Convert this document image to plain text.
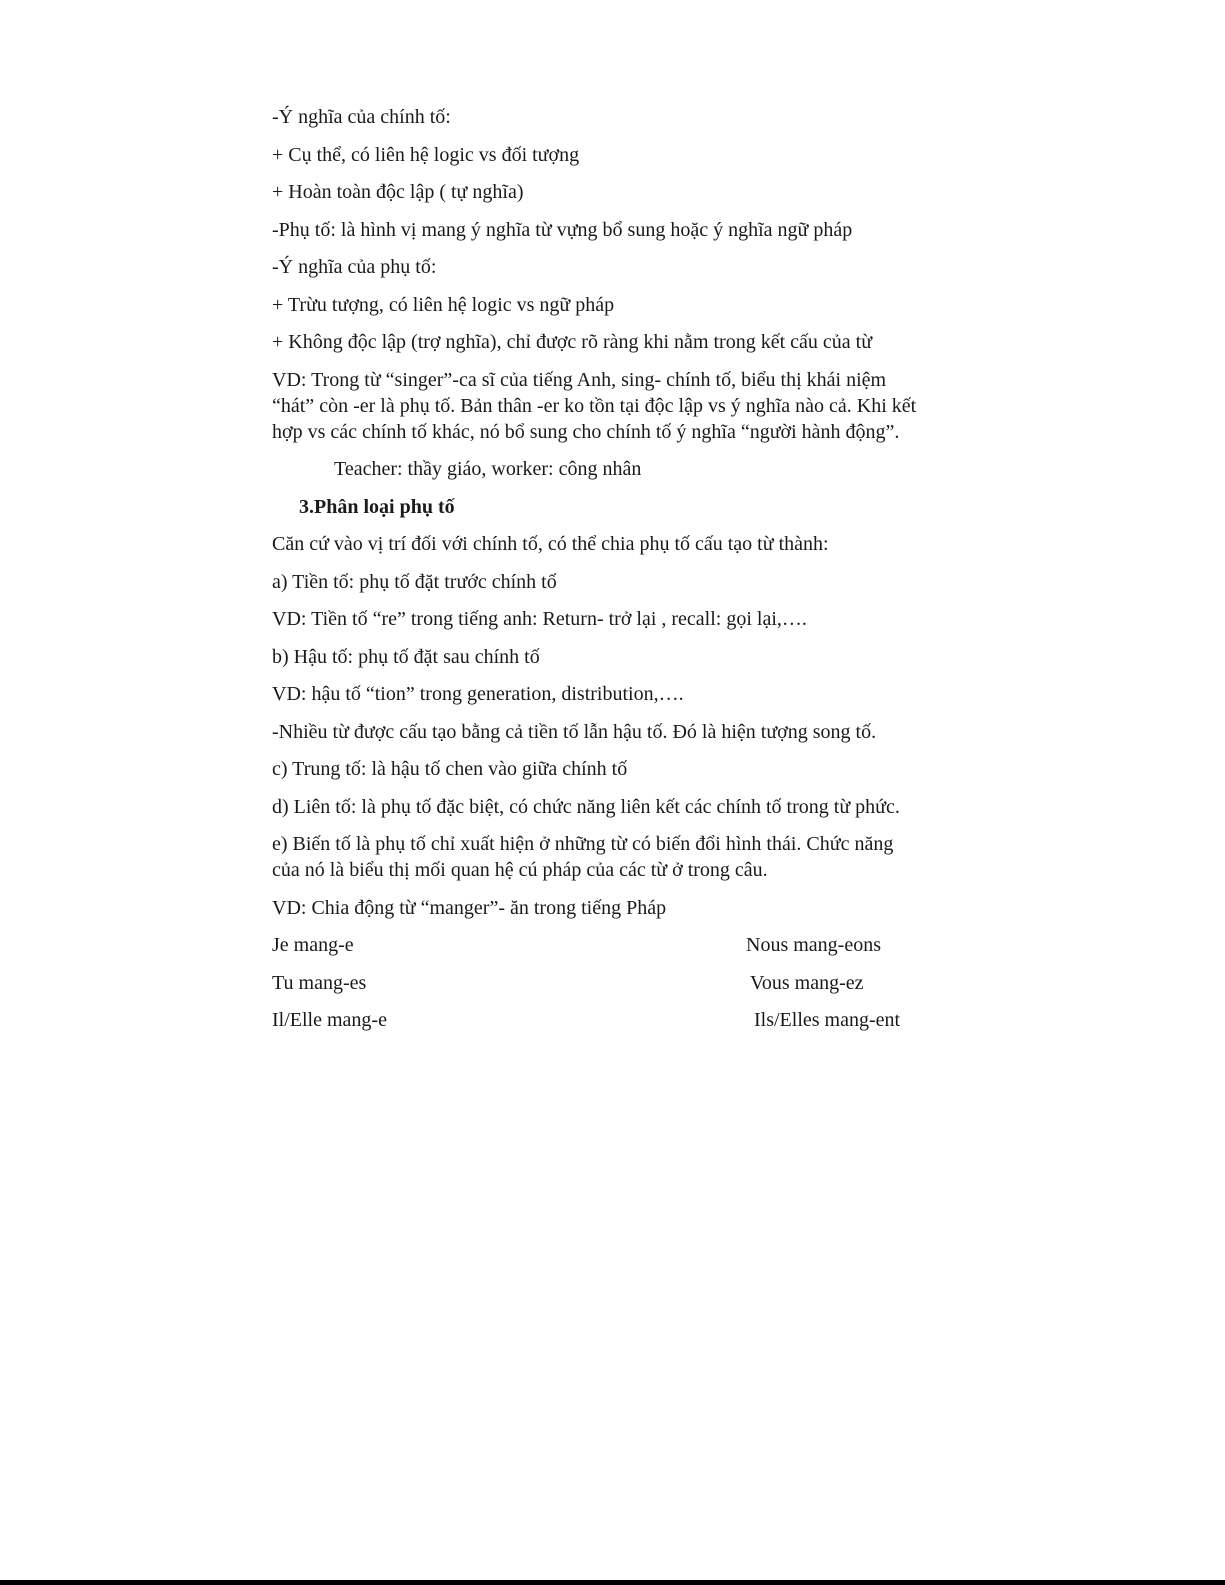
-Ý nghĩa của chính tố:

+ Cụ thể, có liên hệ logic vs đối tượng

+ Hoàn toàn độc lập ( tự nghĩa)

-Phụ tố: là hình vị mang ý nghĩa từ vựng bổ sung hoặc ý nghĩa ngữ pháp

-Ý nghĩa của phụ tố:

+ Trừu tượng, có liên hệ logic vs ngữ pháp

+ Không độc lập (trợ nghĩa), chỉ được rõ ràng khi nằm trong kết cấu của từ

VD: Trong từ “singer”-ca sĩ của tiếng Anh, sing- chính tố, biểu thị khái niệm
“hát” còn -er là phụ tố. Bản thân -er ko tồn tại độc lập vs ý nghĩa nào cả. Khi kết
hợp vs các chính tố khác, nó bổ sung cho chính tố ý nghĩa “người hành động”.

Teacher: thầy giáo, worker: công nhân

3.Phân loại phụ tố

Căn cứ vào vị trí đối với chính tố, có thể chia phụ tố cấu tạo từ thành:

a) Tiền tố: phụ tố đặt trước chính tố

VD: Tiền tố “re” trong tiếng anh: Return- trở lại , recall: gọi lại,….

b) Hậu tố: phụ tố đặt sau chính tố

VD: hậu tố “tion” trong generation, distribution,….

-Nhiều từ được cấu tạo bằng cả tiền tố lẫn hậu tố. Đó là hiện tượng song tố.

c) Trung tố: là hậu tố chen vào giữa chính tố

d) Liên tố: là phụ tố đặc biệt, có chức năng liên kết các chính tố trong từ phức.

e) Biến tố là phụ tố chỉ xuất hiện ở những từ có biến đổi hình thái. Chức năng
của nó là biểu thị mối quan hệ cú pháp của các từ ở trong câu.

VD: Chia động từ “manger”- ăn trong tiếng Pháp

Je mang-e	Nous mang-eons
Tu mang-es	Vous mang-ez
Il/Elle mang-e	Ils/Elles mang-ent
